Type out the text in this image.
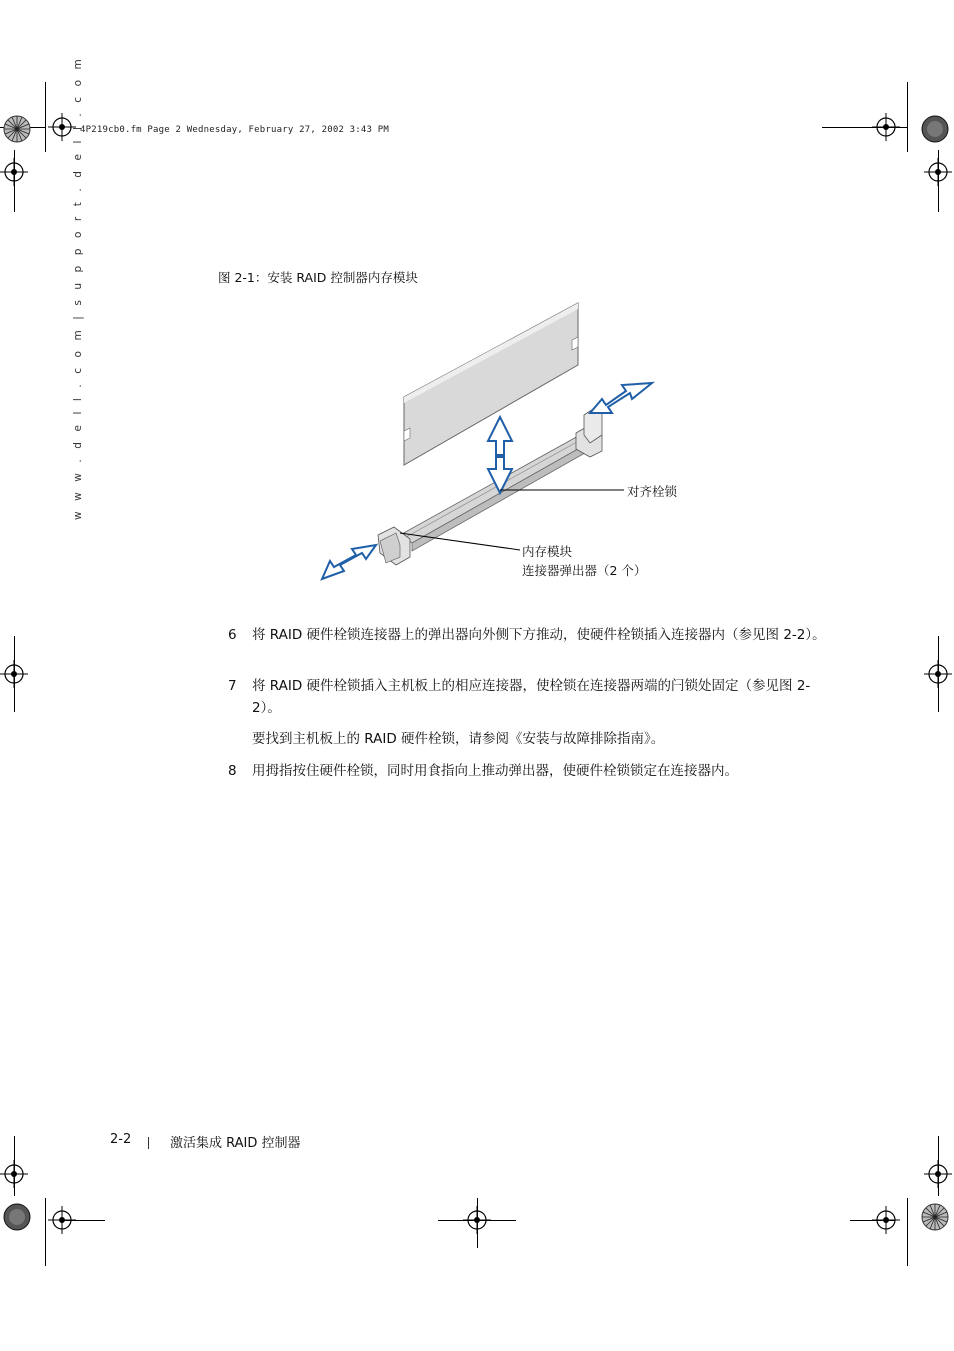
4P219cb0.fm Page 2 Wednesday, February 27, 2002 3:43 PM
w w w . d e l l . c o m | s u p p o r t . d e l l . c o m	图 2-1：安装 RAID 控制器内存模块
对齐栓锁
内存模块
连接器弹出器（2 个）
6	将 RAID 硬件栓锁连接器上的弹出器向外侧下方推动，使硬件栓锁插入连接器内（参见图 2-2）。
7	将 RAID 硬件栓锁插入主机板上的相应连接器，使栓锁在连接器两端的闩锁处固定（参见图 2-2）。
要找到主机板上的 RAID 硬件栓锁，请参阅《安装与故障排除指南》。
8	用拇指按住硬件栓锁，同时用食指向上推动弹出器，使硬件栓锁锁定在连接器内。
2-2	激活集成 RAID 控制器
